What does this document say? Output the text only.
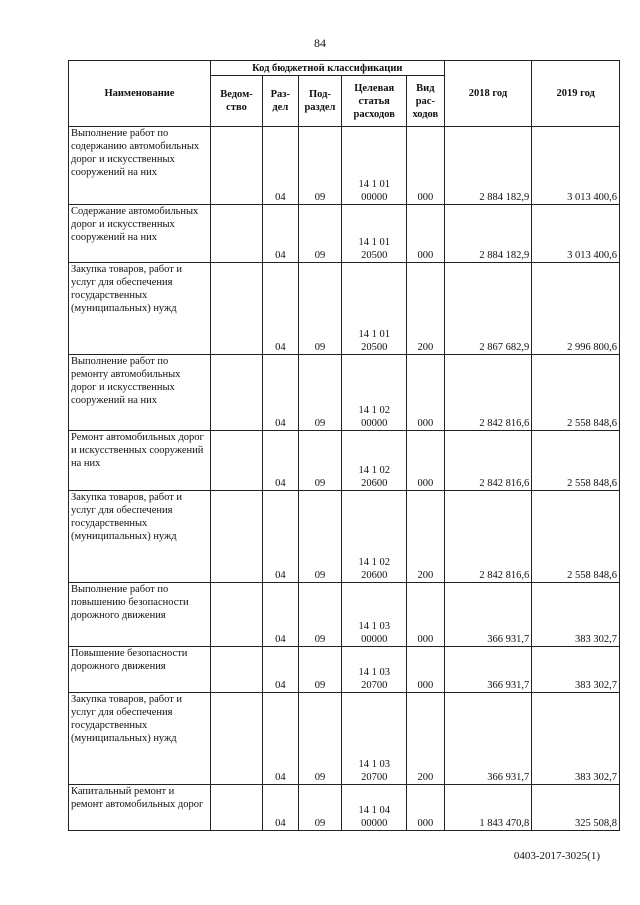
84
Наименование	Код бюджетной классификации					2018 год	2019 год
	Ведом-ство	Раз-дел	Под-раздел	Целевая статья расходов	Вид рас-ходов		
Выполнение работ по содержанию автомобильных дорог и искусственных сооружений на них		04	09	14 1 01 00000	000	2 884 182,9	3 013 400,6
Содержание автомобильных дорог и искусственных сооружений на них		04	09	14 1 01 20500	000	2 884 182,9	3 013 400,6
Закупка товаров, работ и услуг для обеспечения государственных (муниципальных) нужд		04	09	14 1 01 20500	200	2 867 682,9	2 996 800,6
Выполнение работ по ремонту автомобильных дорог и искусственных сооружений на них		04	09	14 1 02 00000	000	2 842 816,6	2 558 848,6
Ремонт автомобильных дорог и искусственных сооружений на них		04	09	14 1 02 20600	000	2 842 816,6	2 558 848,6
Закупка товаров, работ и услуг для обеспечения государственных (муниципальных) нужд		04	09	14 1 02 20600	200	2 842 816,6	2 558 848,6
Выполнение работ по повышению безопасности дорожного движения		04	09	14 1 03 00000	000	366 931,7	383 302,7
Повышение безопасности дорожного движения		04	09	14 1 03 20700	000	366 931,7	383 302,7
Закупка товаров, работ и услуг для обеспечения государственных (муниципальных) нужд		04	09	14 1 03 20700	200	366 931,7	383 302,7
Капитальный ремонт и ремонт автомобильных дорог		04	09	14 1 04 00000	000	1 843 470,8	325 508,8
0403-2017-3025(1)
